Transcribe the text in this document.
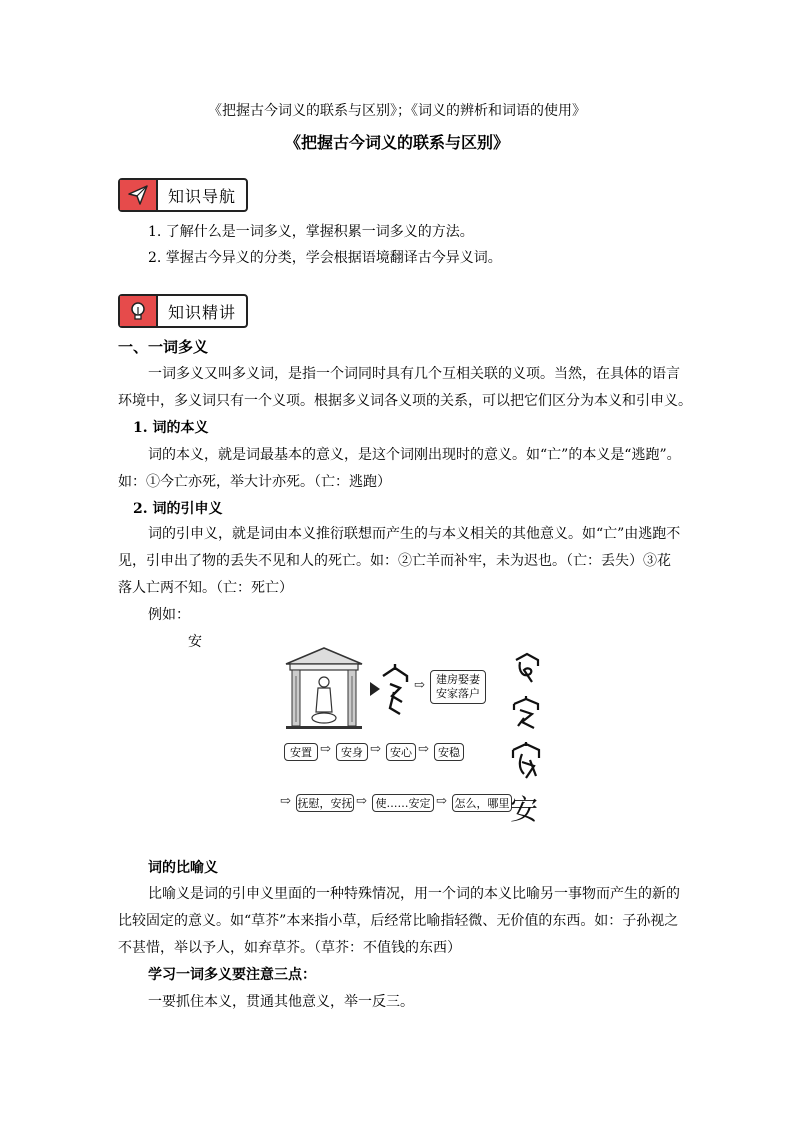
《把握古今词义的联系与区别》；《词义的辨析和词语的使用》
《把握古今词义的联系与区别》
知识导航
1. 了解什么是一词多义，掌握积累一词多义的方法。
2. 掌握古今异义的分类，学会根据语境翻译古今异义词。
知识精讲
一、一词多义
一词多义又叫多义词，是指一个词同时具有几个互相关联的义项。当然，在具体的语言
环境中，多义词只有一个义项。根据多义词各义项的关系，可以把它们区分为本义和引申义。
1. 词的本义
词的本义，就是词最基本的意义，是这个词刚出现时的意义。如“亡”的本义是“逃跑”。
如：①今亡亦死，举大计亦死。（亡：逃跑）
2. 词的引申义
词的引申义，就是词由本义推衍联想而产生的与本义相关的其他意义。如“亡”由逃跑不
见，引申出了物的丢失不见和人的死亡。如：②亡羊而补牢，未为迟也。（亡：丢失）③花
落人亡两不知。（亡：死亡）
例如：
安
⇨ 建房娶妻
安家落户
安置 ⇨ 安身 ⇨ 安心 ⇨ 安稳
⇨ 抚慰，安抚 ⇨ 使……安定 ⇨ 怎么，哪里 安
词的比喻义
比喻义是词的引申义里面的一种特殊情况，用一个词的本义比喻另一事物而产生的新的
比较固定的意义。如“草芥”本来指小草，后经常比喻指轻微、无价值的东西。如：子孙视之
不甚惜，举以予人，如弃草芥。（草芥：不值钱的东西）
学习一词多义要注意三点：
一要抓住本义，贯通其他意义，举一反三。
